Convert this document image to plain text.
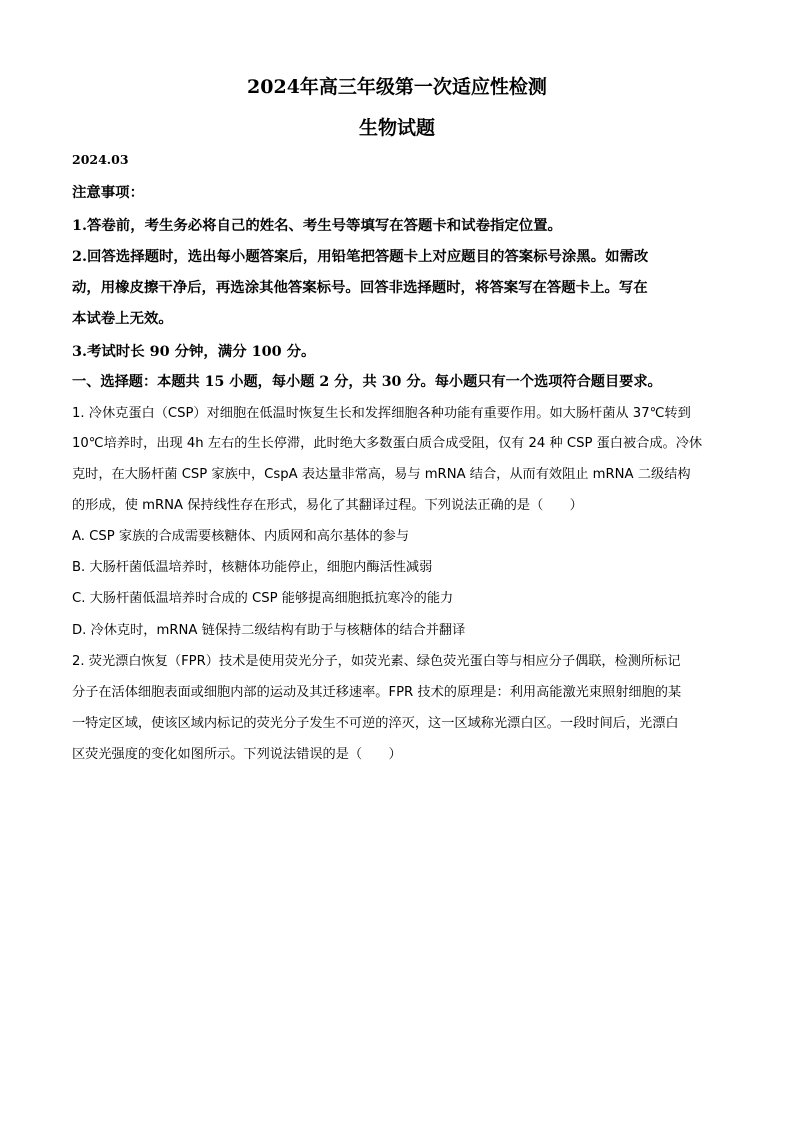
2024年高三年级第一次适应性检测
生物试题
2024.03
注意事项：
1.答卷前，考生务必将自己的姓名、考生号等填写在答题卡和试卷指定位置。
2.回答选择题时，选出每小题答案后，用铅笔把答题卡上对应题目的答案标号涂黑。如需改
动，用橡皮擦干净后，再选涂其他答案标号。回答非选择题时，将答案写在答题卡上。写在
本试卷上无效。
3.考试时长 90 分钟，满分 100 分。
一、选择题：本题共 15 小题，每小题 2 分，共 30 分。每小题只有一个选项符合题目要求。
1. 冷休克蛋白（CSP）对细胞在低温时恢复生长和发挥细胞各种功能有重要作用。如大肠杆菌从 37℃转到
10℃培养时，出现 4h 左右的生长停滞，此时绝大多数蛋白质合成受阻，仅有 24 种 CSP 蛋白被合成。冷休
克时，在大肠杆菌 CSP 家族中，CspA 表达量非常高，易与 mRNA 结合，从而有效阻止 mRNA 二级结构
的形成，使 mRNA 保持线性存在形式，易化了其翻译过程。下列说法正确的是（　　）
A. CSP 家族的合成需要核糖体、内质网和高尔基体的参与
B. 大肠杆菌低温培养时，核糖体功能停止，细胞内酶活性减弱
C. 大肠杆菌低温培养时合成的 CSP 能够提高细胞抵抗寒冷的能力
D. 冷休克时，mRNA 链保持二级结构有助于与核糖体的结合并翻译
2. 荧光漂白恢复（FPR）技术是使用荧光分子，如荧光素、绿色荧光蛋白等与相应分子偶联，检测所标记
分子在活体细胞表面或细胞内部的运动及其迁移速率。FPR 技术的原理是：利用高能激光束照射细胞的某
一特定区域，使该区域内标记的荧光分子发生不可逆的淬灭，这一区域称光漂白区。一段时间后，光漂白
区荧光强度的变化如图所示。下列说法错误的是（　　）
